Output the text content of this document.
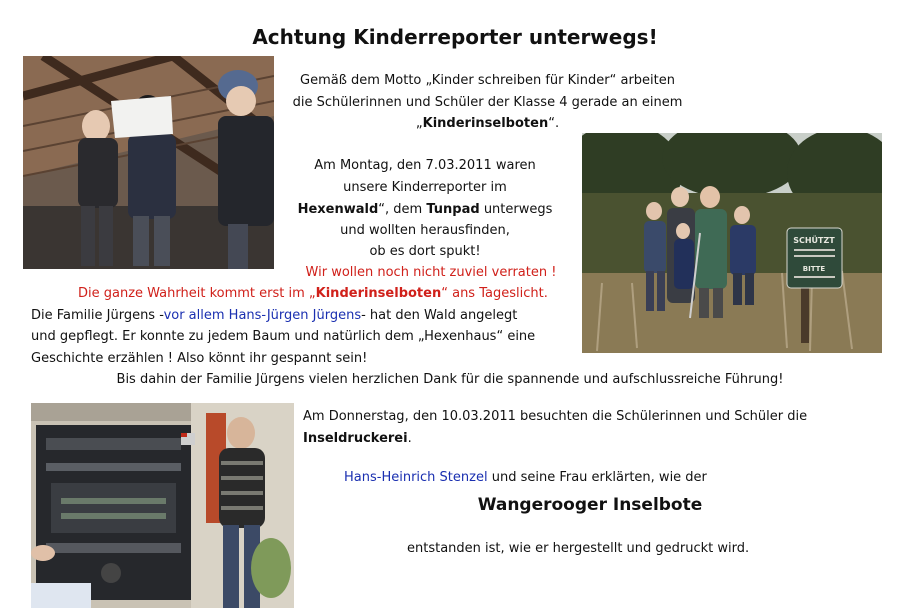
Achtung Kinderreporter unterwegs!
Gemäß dem Motto „Kinder schreiben für Kinder“ arbeiten
die Schülerinnen und Schüler der Klasse 4 gerade an einem
„Kinderinselboten“.
SCHÜTZT
BITTE
Am Montag, den 7.03.2011 waren
unsere Kinderreporter im
Hexenwald“, dem Tunpad unterwegs
und wollten herausfinden,
ob es dort spukt!
Wir wollen noch nicht zuviel verraten !
Die ganze Wahrheit kommt erst im „Kinderinselboten“ ans Tageslicht.
Die Familie Jürgens -vor allem Hans-Jürgen Jürgens- hat den Wald angelegt
und gepflegt. Er konnte zu jedem Baum und natürlich dem „Hexenhaus“ eine
Geschichte erzählen ! Also könnt ihr gespannt sein!
Bis dahin der Familie Jürgens vielen herzlichen Dank für die spannende und aufschlussreiche Führung!
Am Donnerstag, den 10.03.2011 besuchten die Schülerinnen und Schüler die
Inseldruckerei.
Hans-Heinrich Stenzel und seine Frau erklärten, wie der
Wangerooger Inselbote
entstanden ist, wie er hergestellt und gedruckt wird.
